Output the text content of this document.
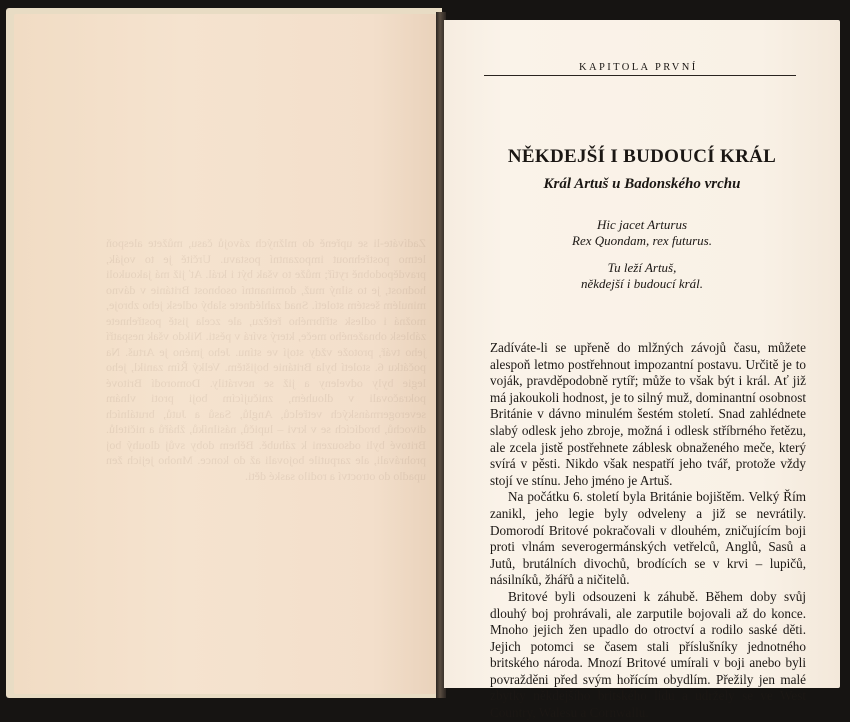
Zadíváte-li se upřeně do mlžných závojů času, můžete alespoň letmo postřehnout impozantní postavu. Určitě je to voják, pravděpodobně rytíř; může to však být i král. Ať již má jakoukoli hodnost, je to silný muž, dominantní osobnost Británie v dávno minulém šestém století. Snad zahlédnete slabý odlesk jeho zbroje, možná i odlesk stříbrného řetězu, ale zcela jistě postřehnete záblesk obnaženého meče, který svírá v pěsti. Nikdo však nespatří jeho tvář, protože vždy stojí ve stínu. Jeho jméno je Artuš. Na počátku 6. století byla Británie bojištěm. Velký Řím zanikl, jeho legie byly odveleny a již se nevrátily. Domorodí Britové pokračovali v dlouhém, zničujícím boji proti vlnám severogermánských vetřelců, Anglů, Sasů a Jutů, brutálních divochů, brodících se v krvi – lupičů, násilníků, žhářů a ničitelů. Britové byli odsouzeni k záhubě. Během doby svůj dlouhý boj prohrávali, ale zarputile bojovali až do konce. Mnoho jejich žen upadlo do otroctví a rodilo saské děti.
KAPITOLA PRVNÍ
NĚKDEJŠÍ I BUDOUCÍ KRÁL
Král Artuš u Badonského vrchu
Hic jacet Arturus
Rex Quondam, rex futurus.
Tu leží Artuš,
někdejší i budoucí král.

Zadíváte-li se upřeně do mlžných závojů času, můžete alespoň letmo postřehnout impozantní postavu. Určitě je to voják, pravděpodobně rytíř; může to však být i král. Ať již má jakoukoli hodnost, je to silný muž, dominantní osobnost Británie v dávno minulém šestém století. Snad zahlédnete slabý odlesk jeho zbroje, možná i odlesk stříbrného řetězu, ale zcela jistě postřehnete záblesk obnaženého meče, který svírá v pěsti. Nikdo však nespatří jeho tvář, protože vždy stojí ve stínu. Jeho jméno je Artuš.

Na počátku 6. století byla Británie bojištěm. Velký Řím zanikl, jeho legie byly odveleny a již se nevrátily. Domorodí Britové pokračovali v dlouhém, zničujícím boji proti vlnám severogermánských vetřelců, Anglů, Sasů a Jutů, brutálních divochů, brodících se v krvi – lupičů, násilníků, žhářů a ničitelů.

Britové byli odsouzeni k záhubě. Během doby svůj dlouhý boj prohrávali, ale zarputile bojovali až do konce. Mnoho jejich žen upadlo do otroctví a rodilo saské děti. Jejich potomci se časem stali příslušníky jednotného britského národa. Mnozí Britové umírali v boji anebo byli povražděni před svým hořícím obydlím. Přežily jen malé zbytky někdejšího britského lidu a udržely se ve West Country, Walesu a Cornwallu.
